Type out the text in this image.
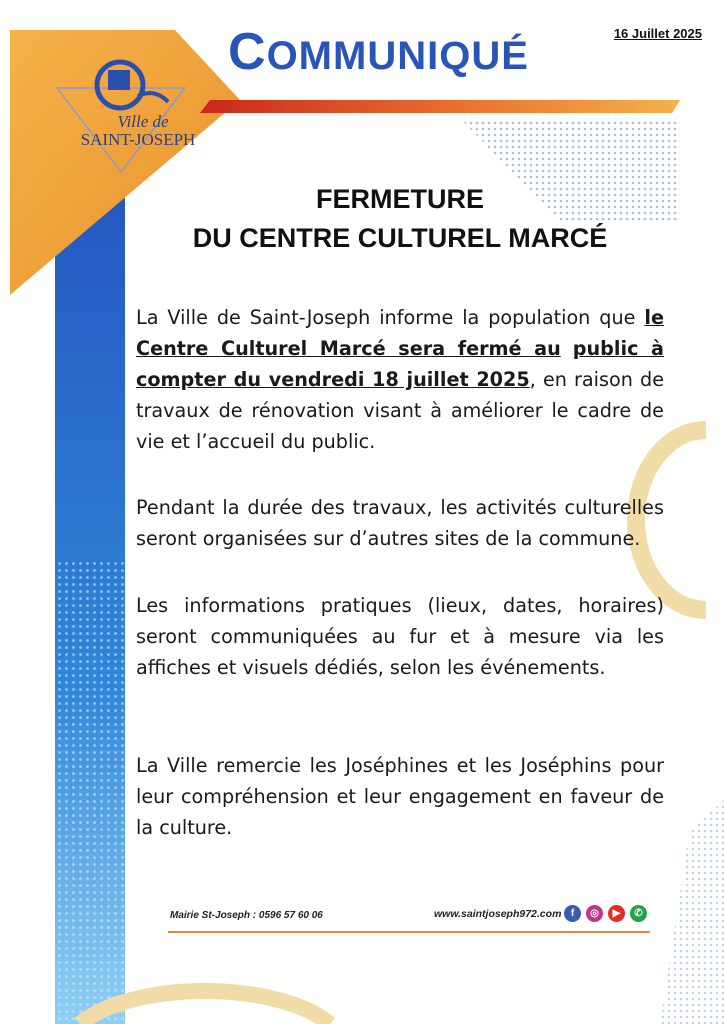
16 Juillet 2025
COMMUNIQUÉ
Ville de
SAINT-JOSEPH
FERMETURE
DU CENTRE CULTUREL MARCÉ
La Ville de Saint-Joseph informe la population que le Centre Culturel Marcé sera fermé au public à compter du vendredi 18 juillet 2025, en raison de travaux de rénovation visant à améliorer le cadre de vie et l’accueil du public.
Pendant la durée des travaux, les activités culturelles seront organisées sur d’autres sites de la commune.
Les informations pratiques (lieux, dates, horaires) seront communiquées au fur et à mesure via les affiches et visuels dédiés, selon les événements.
La Ville remercie les Joséphines et les Joséphins pour leur compréhension et leur engagement en faveur de la culture.
Mairie St-Joseph : 0596 57 60 06	www.saintjoseph972.com f	◎	▶	✆
